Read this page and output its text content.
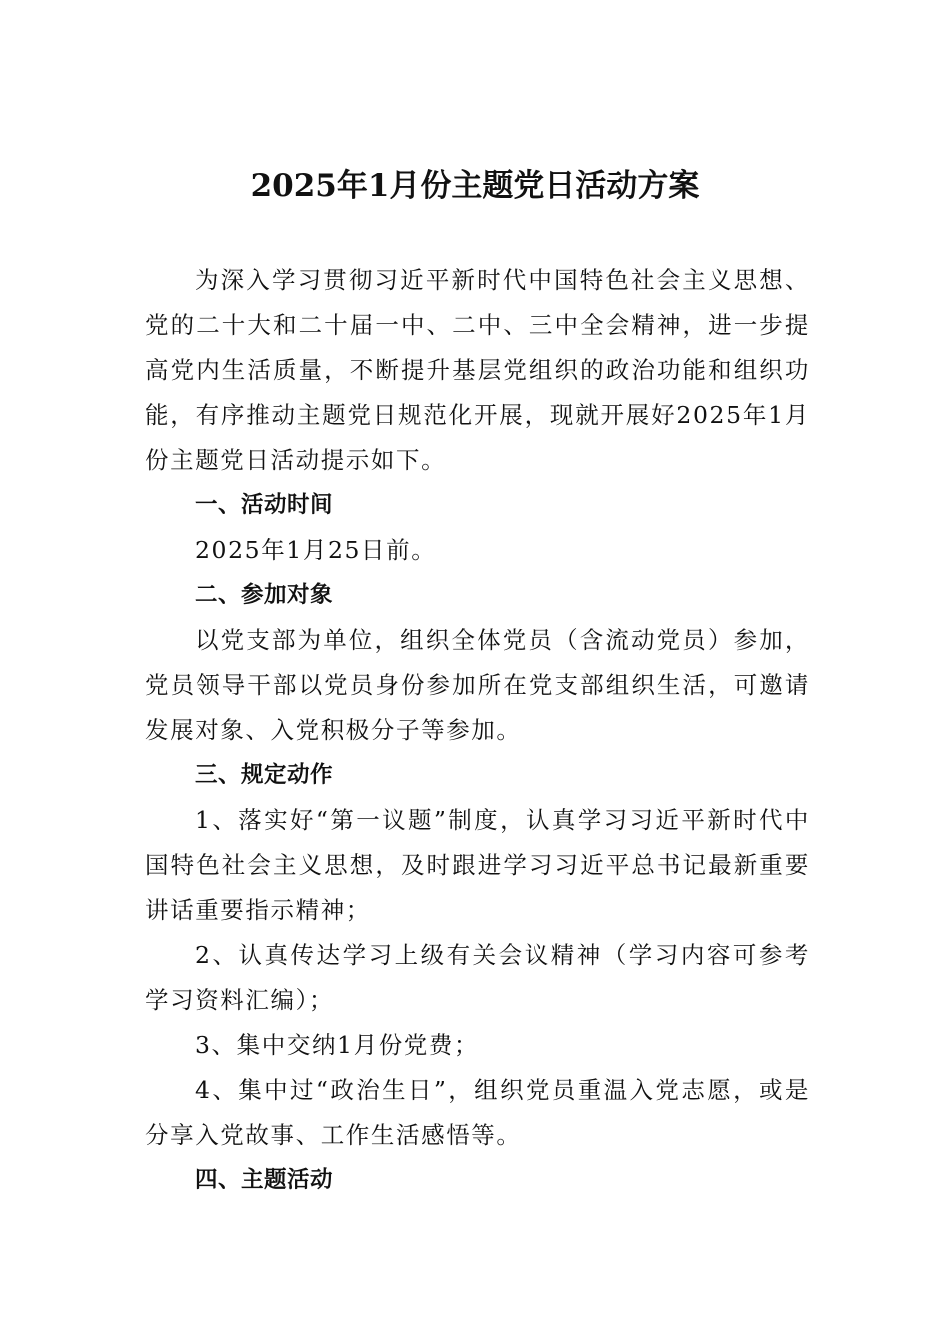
2025年1月份主题党日活动方案

为深入学习贯彻习近平新时代中国特色社会主义思想、党的二十大和二十届一中、二中、三中全会精神，进一步提高党内生活质量，不断提升基层党组织的政治功能和组织功能，有序推动主题党日规范化开展，现就开展好2025年1月份主题党日活动提示如下。

一、活动时间

2025年1月25日前。

二、参加对象

以党支部为单位，组织全体党员（含流动党员）参加，党员领导干部以党员身份参加所在党支部组织生活，可邀请发展对象、入党积极分子等参加。

三、规定动作

1、落实好“第一议题”制度，认真学习习近平新时代中国特色社会主义思想，及时跟进学习习近平总书记最新重要讲话重要指示精神；

2、认真传达学习上级有关会议精神（学习内容可参考学习资料汇编）；

3、集中交纳1月份党费；

4、集中过“政治生日”，组织党员重温入党志愿，或是分享入党故事、工作生活感悟等。

四、主题活动
